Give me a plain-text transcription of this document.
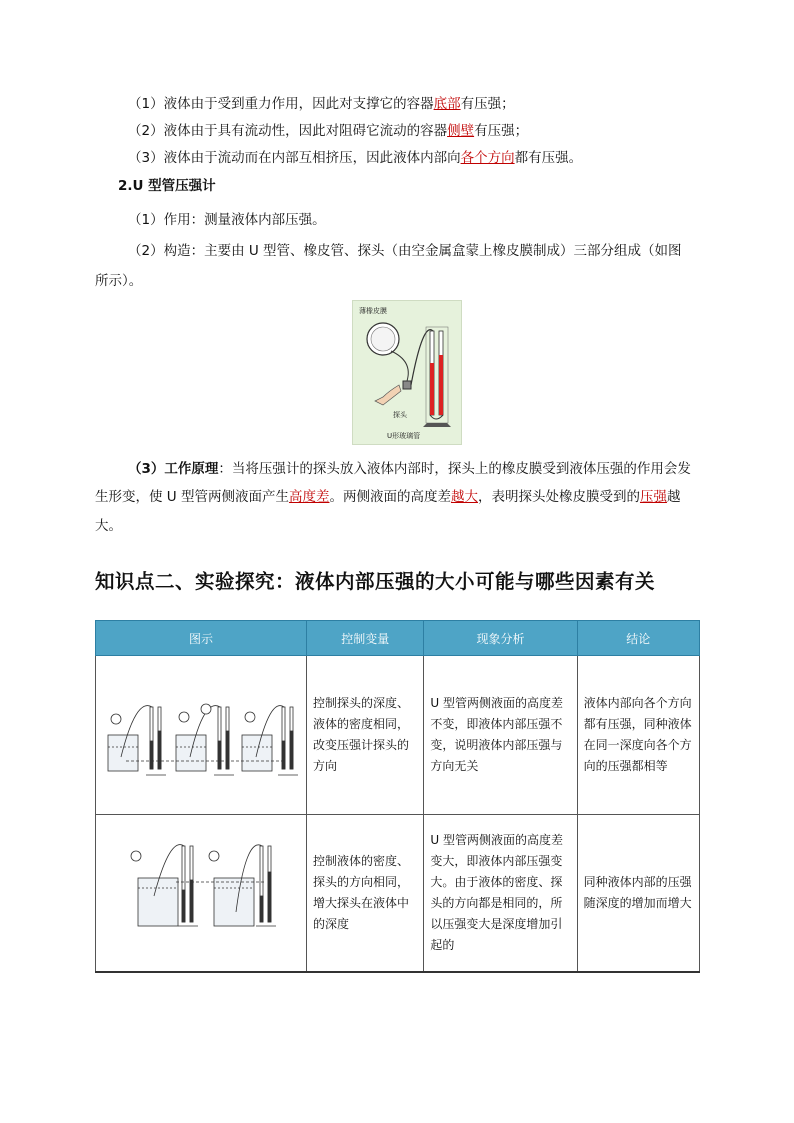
（1）液体由于受到重力作用，因此对支撑它的容器底部有压强；
（2）液体由于具有流动性，因此对阻碍它流动的容器侧壁有压强；
（3）液体由于流动而在内部互相挤压，因此液体内部向各个方向都有压强。
2.U 型管压强计
（1）作用：测量液体内部压强。
（2）构造：主要由 U 型管、橡皮管、探头（由空金属盒蒙上橡皮膜制成）三部分组成（如图
所示）。
薄橡皮膜
探头
U形玻璃管
（3）工作原理：当将压强计的探头放入液体内部时，探头上的橡皮膜受到液体压强的作用会发
生形变，使 U 型管两侧液面产生高度差。两侧液面的高度差越大，表明探头处橡皮膜受到的压强越
大。
知识点二、实验探究：液体内部压强的大小可能与哪些因素有关
图示	控制变量	现象分析	结论
	控制探头的深度、液体的密度相同，改变压强计探头的方向	U 型管两侧液面的高度差不变，即液体内部压强不变，说明液体内部压强与方向无关	液体内部向各个方向都有压强，同种液体在同一深度向各个方向的压强都相等
	控制液体的密度、探头的方向相同，增大探头在液体中的深度	U 型管两侧液面的高度差变大，即液体内部压强变大。由于液体的密度、探头的方向都是相同的，所以压强变大是深度增加引起的	同种液体内部的压强随深度的增加而增大
